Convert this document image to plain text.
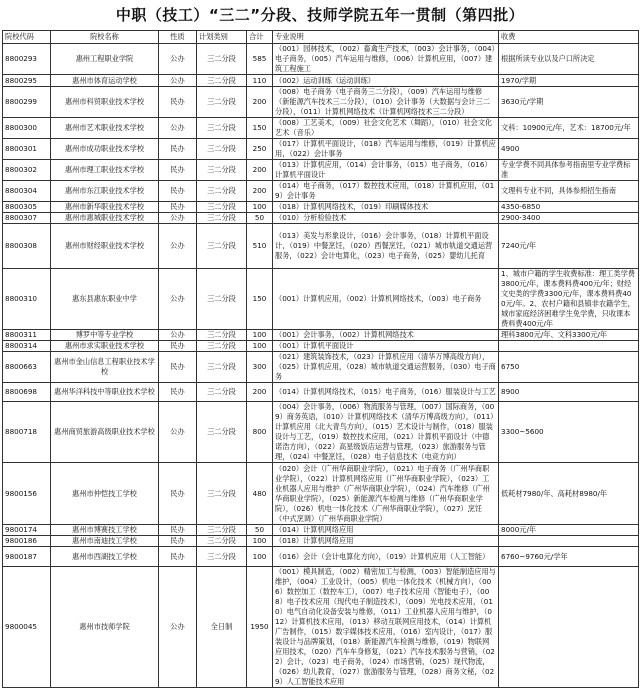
中职（技工）“三二”分段、技师学院五年一贯制（第四批）
院校代码	院校名称	性质	计划类别	合计	专业说明	收费
8800293	惠州工程职业学院	公办	三二分段	585	（001）园林技术，（002）畜禽生产技术，（003）会计事务，（004）电子商务，（005）汽车运用与维修，（006）计算机应用，（007）建筑工程施工	根据所读专业以及户口所决定
8800295	惠州市体育运动学校	公办	三二分段	110	（002）运动训练（运动训练）	1970/学期
8800299	惠州市科贸职业技术学校	民办	三二分段	200	（008）电子商务（电子商务三二分段），（009）汽车运用与维修（新能源汽车技术三二分段），（010）会计事务（大数据与会计三二分段），（011）计算机网络技术（计算机网络技术三二分段）	3630元/学期
8800300	惠州市艺术职业技术学校	公办	三二分段	150	（008）工艺美术，（009）社会文化艺术（舞蹈），（010）社会文化艺术（音乐）	文科：10900元/年，艺术：18700元/年
8800301	惠州市成功职业技术学校	民办	三二分段	250	（017）计算机平面设计，（018）汽车运用与维修，（019）计算机应用，（022）会计事务	4900
8800302	惠州市理工职业技术学校	民办	三二分段	200	（013）计算机应用，（014）会计事务，（015）电子商务，（016）计算机平面设计	专业学费不同具体参考指南里专业学费标准
8800304	惠州市东江职业技术学校	民办	三二分段	200	（014）电子商务，（017）数控技术应用，（018）计算机应用，（019）会计事务	文理科专业不同，具体参照招生指南
8800305	惠州市新华职业技术学校	民办	三二分段	100	（018）计算机网络技术，（019）印刷媒体技术	4350-6850
8800307	惠州市惠城职业技术学校	公办	三二分段	50	（010）分析检验技术	2900-3400
8800308	惠州市财经职业技术学校	公办	三二分段	510	（013）美发与形象设计，（016）会计事务，（018）计算机平面设计，（019）中餐烹饪，（020）西餐烹饪，（021）城市轨道交通运营服务，（022）会计电算化，（023）电子商务，（025）婴幼儿托育	7240元/年
8800310	惠东县惠东职业中学	公办	三二分段	150	（001）计算机应用，（002）计算机网络技术，（003）电子商务	1、城市户籍的学生收费标准：理工类学费3800元/年，课本费料费400元/年；财经文史类的学费3300元/年，课本费料费400元/年。2、农村户籍和县镇非农籍学生，城市家庭经济困难学生免学费，只收课本费料费400元/年
8800311	博罗中等专业学校	公办	三二分段	100	（001）会计事务，（002）计算机网络技术	理科3800元/年、文科3300元/年
8800314	惠州市求实职业技术学校	民办	三二分段	100	（001）计算机平面设计	
8800663	惠州市金山信息工程职业技术学校	民办	三二分段	300	（021）建筑装饰技术，（023）计算机应用（清华万博高级方向），（025）计算机应用，（028）城市轨道交通运营服务，（030）电子商务	6750
8800698	惠州华洋科技中等职业技术学校	民办	三二分段	200	（014）计算机网络技术，（015）电子商务，（016）服装设计与工艺	8900
8800718	惠州商贸旅游高级职业技术学校	公办	三二分段	800	（004）会计事务，（006）物流服务与管理，（007）国际商务，（009）商务英语，（010）计算机网络技术（清华万博高级方向），（011）计算机应用（北大青鸟方向），（015）艺术设计与制作，（018）服装设计与工艺，（019）数控技术应用，（021）计算机平面设计（中德诺浩方向），（022）高星级饭店运营与管理，（023）旅游服务与管理，（024）中餐烹饪，（028）电子信息技术（电竞方向）	3300~5600
9800156	惠州市仲恺技工学校	民办	三二分段	480	（020）会计（广州华商职业学院），（021）电子商务（广州华商职业学院），（022）计算机网络应用（广州华商职业学院），（023）工业机器人应用与维护（广州华商职业学院），（024）汽车维修（广州华商职业学院），（025）新能源汽车检测与维修（广州华商职业学院），（026）机电一体化技术（广州华商职业学院），（027）烹饪（中式烹调）（广州华商职业学院）	低耗材7980/年、高耗材8980/年
9800174	惠州市博赛技工学校	民办	三二分段	50	（014）计算机网络应用	8000元/年
9800186	惠州市南迪技工学校	民办	三二分段	100	（018）计算机网络应用	
9800187	惠州市西湖技工学校	民办	三二分段	100	（016）会计（会计电算化方向），（019）计算机应用（人工智能）	6760~9760元/学年
9800045	惠州市技师学院	公办	全日制	1950	（001）模具制造，（002）精密加工与检测，（003）智能制造应用与维护，（004）工业设计，（005）机电一体化技术（机械方向），（006）数控加工（数控车工），（007）电子技术应用（智能电子），（008）电子技术应用（现代电子制造技术），（009）光电技术应用，（010）电气自动化设备安装与维修，（011）工业机器人应用与维护，（012）计算机技术应用，（013）移动互联网应用技术，（014）计算机广告制作，（015）数字媒体技术应用，（016）室内设计，（017）服装设计与品牌策划，（018）新能源汽车检测与维修，（019）物联网应用技术，（020）汽车车身修复，（021）汽车技术服务与营销，（022）会计，（023）电子商务，（024）市场营销，（025）现代物流，（026）幼儿教育，（027）旅游服务与管理，（028）商务文秘，（029）人工智能技术应用	
